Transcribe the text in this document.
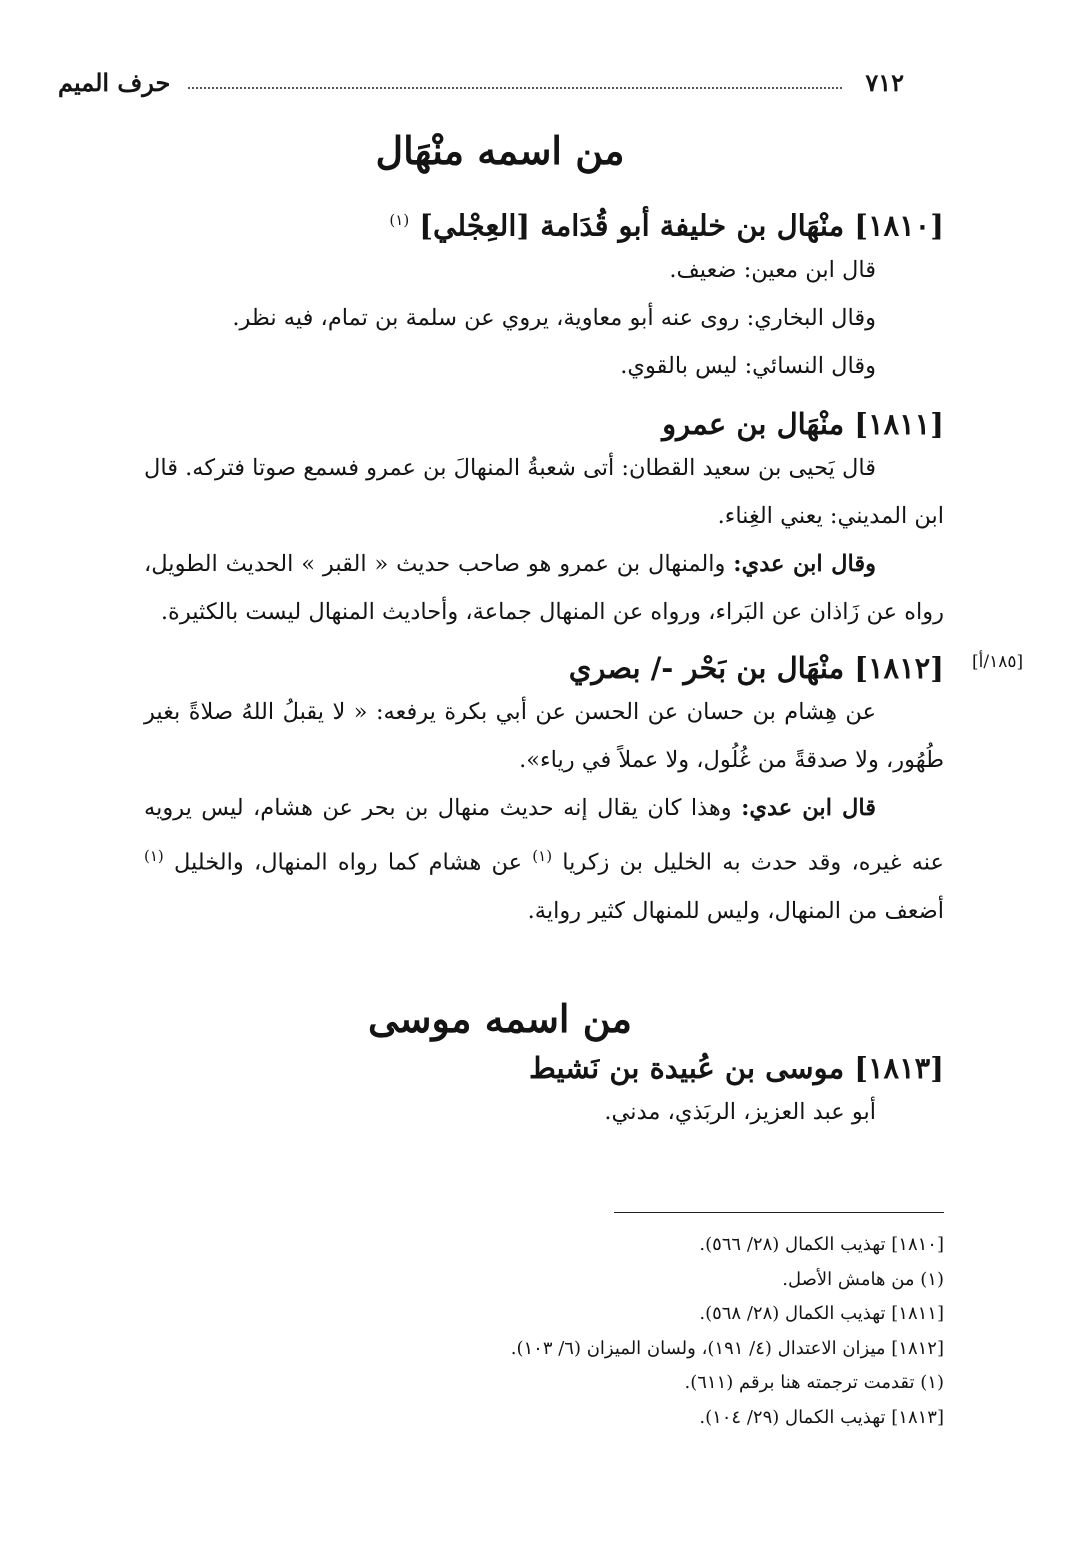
٧١٢
حرف الميم
من اسمه منْهَال

[١٨١٠] منْهَال بن خليفة أبو قُدَامة [العِجْلي] $^{(١)}$

قال ابن معين: ضعيف.

وقال البخاري: روى عنه أبو معاوية، يروي عن سلمة بن تمام، فيه نظر.

وقال النسائي: ليس بالقوي.

[١٨١١] منْهَال بن عمرو

قال يَحيى بن سعيد القطان: أتى شعبةُ المنهالَ بن عمرو فسمع صوتا فتركه. قال ابن المديني: يعني الغِناء.

وقال ابن عدي: والمنهال بن عمرو هو صاحب حديث « القبر » الحديث الطويل، رواه عن زَاذان عن البَراء، ورواه عن المنهال جماعة، وأحاديث المنهال ليست بالكثيرة.

[١٨٥/أ]

[١٨١٢] منْهَال بن بَحْر -/ بصري

عن هِشام بن حسان عن الحسن عن أبي بكرة يرفعه: « لا يقبلُ اللهُ صلاةً بغير طُهُور، ولا صدقةً من غُلُول، ولا عملاً في رياء».

قال ابن عدي: وهذا كان يقال إنه حديث منهال بن بحر عن هشام، ليس يرويه عنه غيره، وقد حدث به الخليل بن زكريا $^{(١)}$ عن هشام كما رواه المنهال، والخليل $^{(١)}$ أضعف من المنهال، وليس للمنهال كثير رواية.

من اسمه موسى

[١٨١٣] موسى بن عُبيدة بن نَشيط

أبو عبد العزيز، الربَذي، مدني.

[١٨١٠] تهذيب الكمال (٢٨/ ٥٦٦).
(١) من هامش الأصل.
[١٨١١] تهذيب الكمال (٢٨/ ٥٦٨).
[١٨١٢] ميزان الاعتدال (٤/ ١٩١)، ولسان الميزان (٦/ ١٠٣).
(١) تقدمت ترجمته هنا برقم (٦١١).
[١٨١٣] تهذيب الكمال (٢٩/ ١٠٤).
